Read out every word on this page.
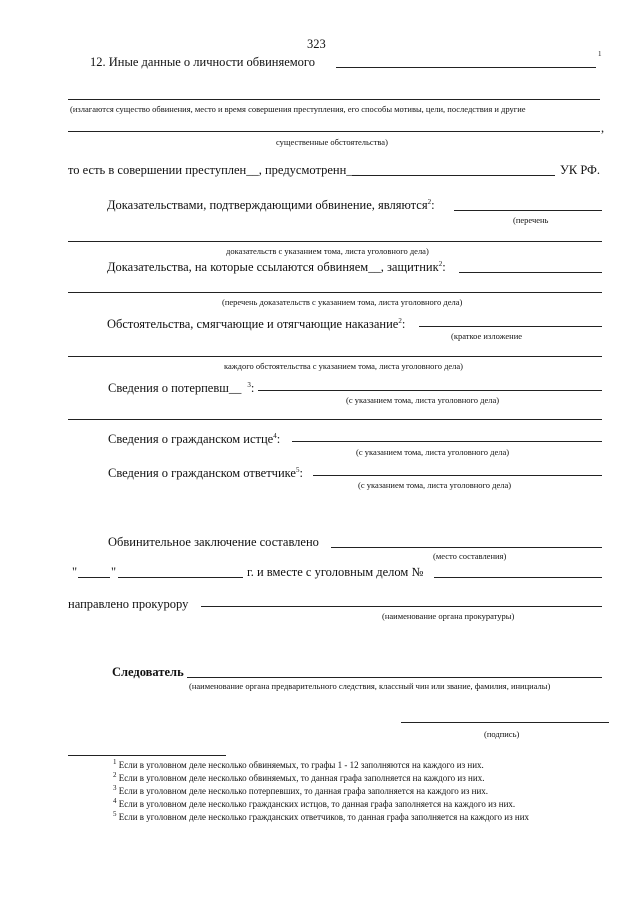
323
12. Иные данные о личности обвиняемого
1
(излагаются существо обвинения, место и время совершения преступления, его способы мотивы, цели, последствия и другие
,
существенные обстоятельства)
то есть в совершении преступлен__, предусмотренн__	УК РФ.
Доказательствами, подтверждающими обвинение, являются$^2$:
(перечень
доказательств с указанием тома, листа уголовного дела)
Доказательства, на которые ссылаются обвиняем__, защитник$^2$:
(перечень доказательств с указанием тома, листа уголовного дела)
Обстоятельства, смягчающие и отягчающие наказание$^2$:
(краткое изложение
каждого обстоятельства с указанием тома, листа уголовного дела)
Сведения о потерпевш__ $^3$:
(с указанием тома, листа уголовного дела)
Сведения о гражданском истце$^4$:
(с указанием тома, листа уголовного дела)
Сведения о гражданском ответчике$^5$:
(с указанием тома, листа уголовного дела)
Обвинительное заключение составлено
(место составления)
"	"	г. и вместе с уголовным делом №
направлено прокурору
(наименование органа прокуратуры)
Следователь
(наименование органа предварительного следствия, классный чин или звание, фамилия, инициалы)
(подпись)
$^1$ Если в уголовном деле несколько обвиняемых, то графы 1 - 12 заполняются на каждого из них.
$^2$ Если в уголовном деле несколько обвиняемых, то данная графа заполняется на каждого из них.
$^3$ Если в уголовном деле несколько потерпевших, то данная графа заполняется на каждого из них.
$^4$ Если в уголовном деле несколько гражданских истцов, то данная графа заполняется на каждого из них.
$^5$ Если в уголовном деле несколько гражданских ответчиков, то данная графа заполняется на каждого из них
